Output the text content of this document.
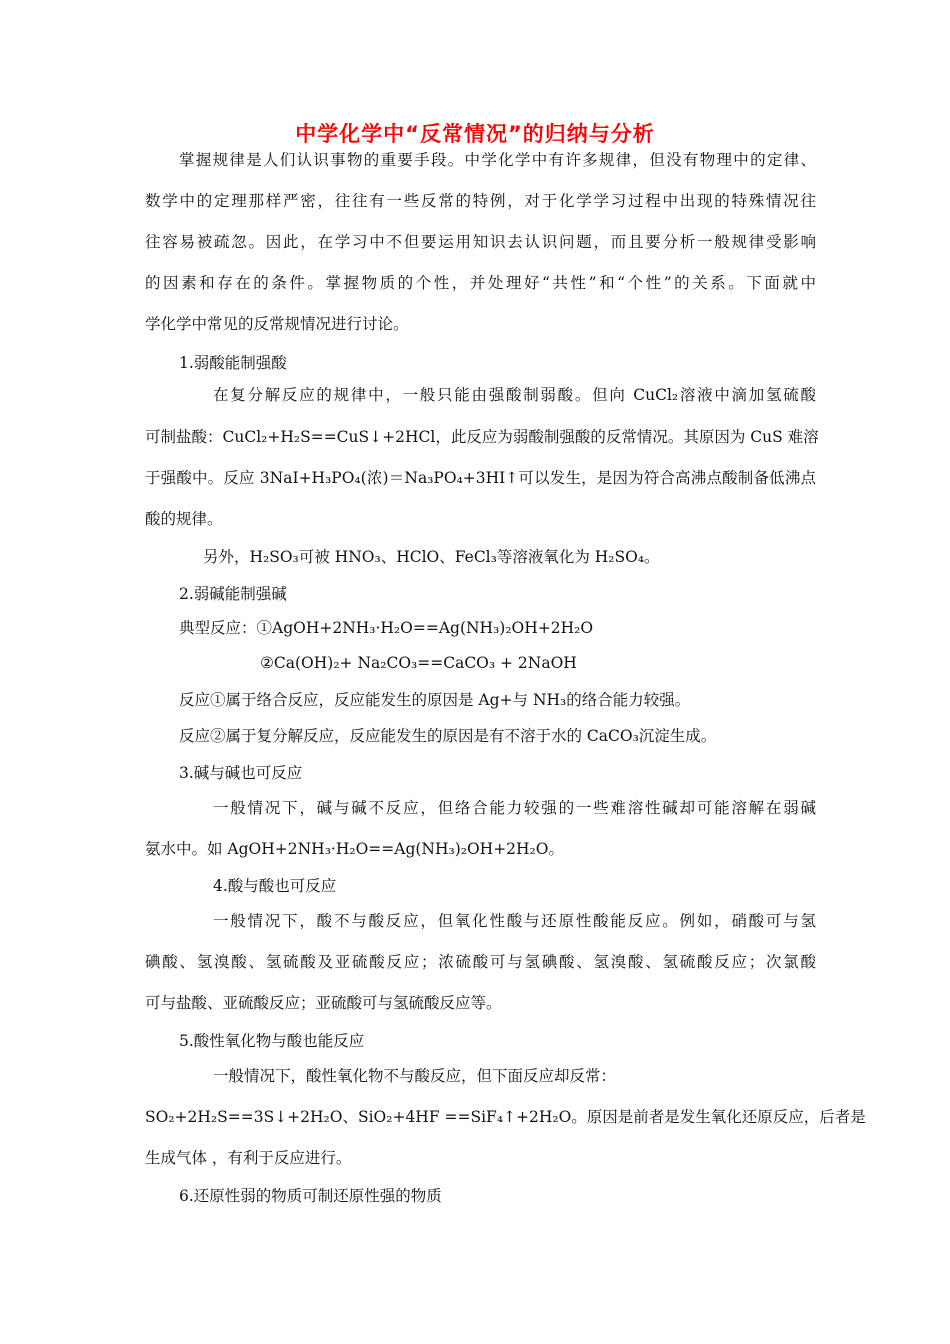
中学化学中“反常情况”的归纳与分析
掌握规律是人们认识事物的重要手段。中学化学中有许多规律，但没有物理中的定律、
数学中的定理那样严密，往往有一些反常的特例，对于化学学习过程中出现的特殊情况往
往容易被疏忽。因此，在学习中不但要运用知识去认识问题，而且要分析一般规律受影响
的因素和存在的条件。掌握物质的个性，并处理好“共性”和“个性”的关系。下面就中
学化学中常见的反常规情况进行讨论。
1.弱酸能制强酸
在复分解反应的规律中，一般只能由强酸制弱酸。但向 CuCl₂溶液中滴加氢硫酸
可制盐酸：CuCl₂+H₂S==CuS↓+2HCl，此反应为弱酸制强酸的反常情况。其原因为 CuS 难溶
于强酸中。反应 3NaI+H₃PO₄(浓)＝Na₃PO₄+3HI↑可以发生，是因为符合高沸点酸制备低沸点
酸的规律。
另外，H₂SO₃可被 HNO₃、HClO、FeCl₃等溶液氧化为 H₂SO₄。
2.弱碱能制强碱
典型反应：①AgOH+2NH₃·H₂O==Ag(NH₃)₂OH+2H₂O
②Ca(OH)₂+ Na₂CO₃==CaCO₃ + 2NaOH
反应①属于络合反应，反应能发生的原因是 Ag+与 NH₃的络合能力较强。
反应②属于复分解反应，反应能发生的原因是有不溶于水的 CaCO₃沉淀生成。
3.碱与碱也可反应
一般情况下，碱与碱不反应，但络合能力较强的一些难溶性碱却可能溶解在弱碱
氨水中。如 AgOH+2NH₃·H₂O==Ag(NH₃)₂OH+2H₂O。
4.酸与酸也可反应
一般情况下，酸不与酸反应，但氧化性酸与还原性酸能反应。例如，硝酸可与氢
碘酸、氢溴酸、氢硫酸及亚硫酸反应；浓硫酸可与氢碘酸、氢溴酸、氢硫酸反应；次氯酸
可与盐酸、亚硫酸反应；亚硫酸可与氢硫酸反应等。
5.酸性氧化物与酸也能反应
一般情况下，酸性氧化物不与酸反应，但下面反应却反常：
SO₂+2H₂S==3S↓+2H₂O、SiO₂+4HF ==SiF₄↑+2H₂O。原因是前者是发生氧化还原反应，后者是
生成气体 ，有利于反应进行。
6.还原性弱的物质可制还原性强的物质
